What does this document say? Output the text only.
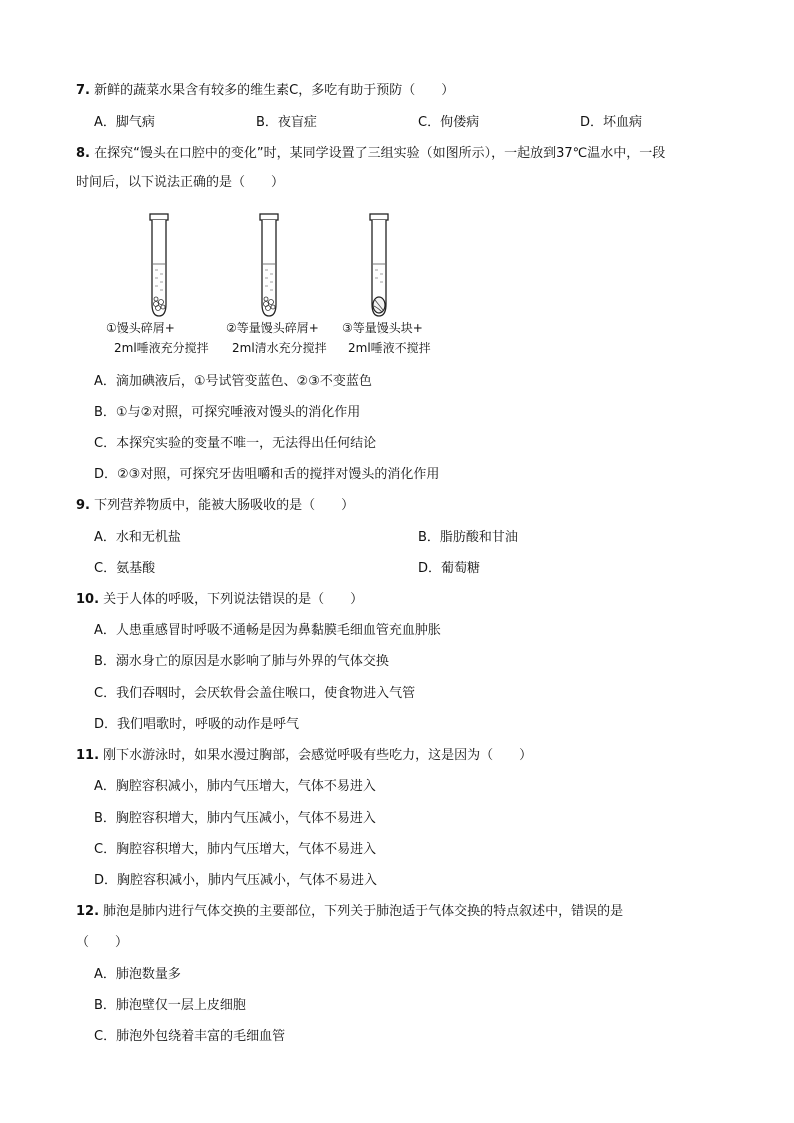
7. 新鲜的蔬菜水果含有较多的维生素C，多吃有助于预防（　　）
A．脚气病	B．夜盲症	C．佝偻病	D．坏血病
8. 在探究“馒头在口腔中的变化”时，某同学设置了三组实验（如图所示），一起放到37℃温水中，一段
时间后，以下说法正确的是（　　）
①馒头碎屑+
2ml唾液充分搅拌
②等量馒头碎屑+
2ml清水充分搅拌
③等量馒头块+
2ml唾液不搅拌
A．滴加碘液后，①号试管变蓝色、②③不变蓝色
B．①与②对照，可探究唾液对馒头的消化作用
C．本探究实验的变量不唯一，无法得出任何结论
D．②③对照，可探究牙齿咀嚼和舌的搅拌对馒头的消化作用
9. 下列营养物质中，能被大肠吸收的是（　　）
A．水和无机盐	B．脂肪酸和甘油
C．氨基酸	D．葡萄糖
10. 关于人体的呼吸，下列说法错误的是（　　）
A．人患重感冒时呼吸不通畅是因为鼻黏膜毛细血管充血肿胀
B．溺水身亡的原因是水影响了肺与外界的气体交换
C．我们吞咽时，会厌软骨会盖住喉口，使食物进入气管
D．我们唱歌时，呼吸的动作是呼气
11. 刚下水游泳时，如果水漫过胸部，会感觉呼吸有些吃力，这是因为（　　）
A．胸腔容积减小，肺内气压增大，气体不易进入
B．胸腔容积增大，肺内气压减小，气体不易进入
C．胸腔容积增大，肺内气压增大，气体不易进入
D．胸腔容积减小，肺内气压减小，气体不易进入
12. 肺泡是肺内进行气体交换的主要部位，下列关于肺泡适于气体交换的特点叙述中，错误的是
（　　）
A．肺泡数量多
B．肺泡壁仅一层上皮细胞
C．肺泡外包绕着丰富的毛细血管
